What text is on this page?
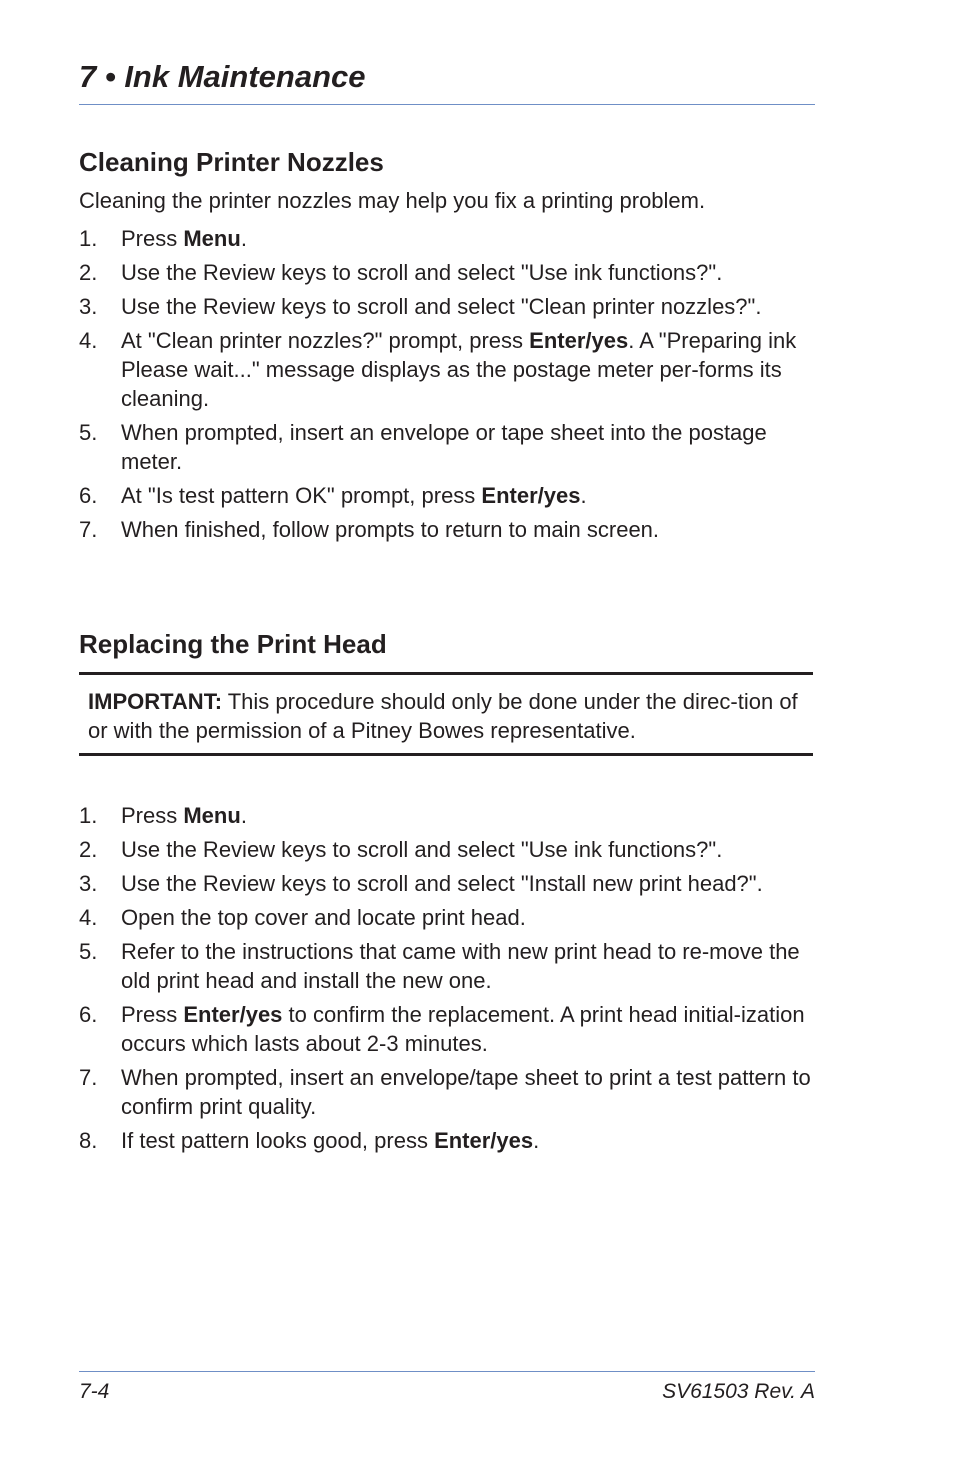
7 • Ink Maintenance
Cleaning Printer Nozzles

Cleaning the printer nozzles may help you fix a printing problem.

1. Press Menu.
2. Use the Review keys to scroll and select "Use ink functions?".
3. Use the Review keys to scroll and select "Clean printer nozzles?".
4. At "Clean printer nozzles?" prompt, press Enter/yes. A "Preparing ink Please wait..." message displays as the postage meter per-forms its cleaning.
5. When prompted, insert an envelope or tape sheet into the postage meter.
6. At "Is test pattern OK" prompt, press Enter/yes.
7. When finished, follow prompts to return to main screen.
Replacing the Print Head

IMPORTANT: This procedure should only be done under the direc-tion of or with the permission of a Pitney Bowes representative.

1. Press Menu.
2. Use the Review keys to scroll and select "Use ink functions?".
3. Use the Review keys to scroll and select "Install new print head?".
4. Open the top cover and locate print head.
5. Refer to the instructions that came with new print head to re-move the old print head and install the new one.
6. Press Enter/yes to confirm the replacement. A print head initial-ization occurs which lasts about 2-3 minutes.
7. When prompted, insert an envelope/tape sheet to print a test pattern to confirm print quality.
8. If test pattern looks good, press Enter/yes.
7-4	SV61503 Rev. A
